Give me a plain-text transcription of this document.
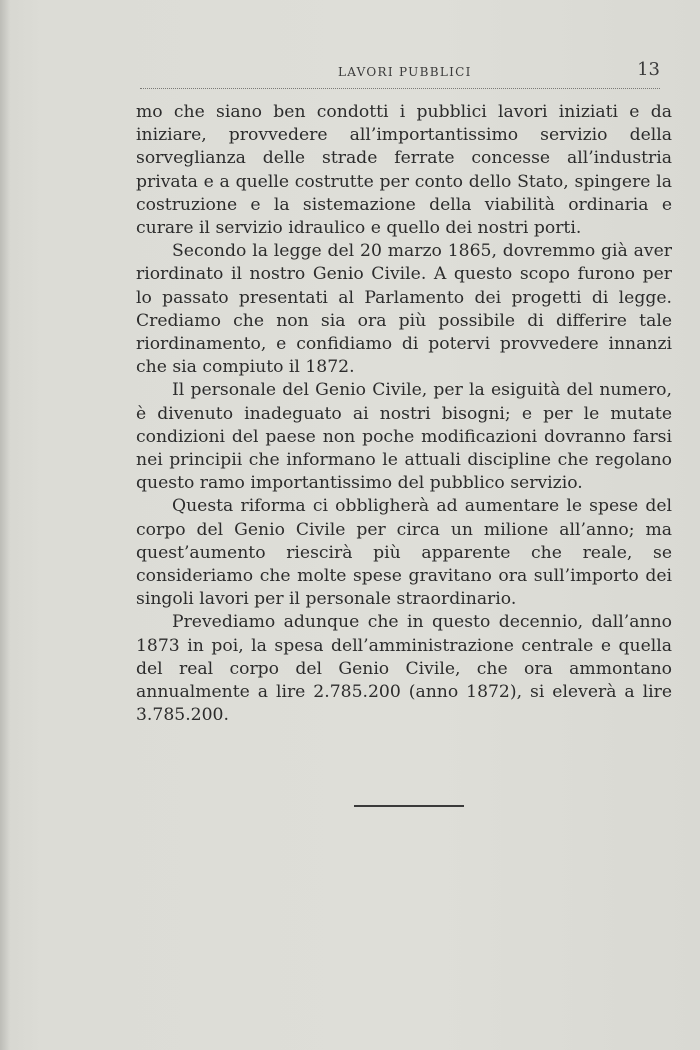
LAVORI PUBBLICI	13

mo che siano ben condotti i pubblici lavori iniziati e da iniziare, provvedere all’importantissimo servizio della sorveglianza delle strade ferrate concesse all’industria privata e a quelle costrutte per conto dello Stato, spingere la costruzione e la sistemazione della viabilità ordinaria e curare il servizio idraulico e quello dei nostri porti.

Secondo la legge del 20 marzo 1865, dovremmo già aver riordinato il nostro Genio Civile. A questo scopo furono per lo passato presentati al Parlamento dei progetti di legge. Crediamo che non sia ora più possibile di differire tale riordinamento, e confidiamo di potervi provvedere innanzi che sia compiuto il 1872.

Il personale del Genio Civile, per la esiguità del numero, è divenuto inadeguato ai nostri bisogni; e per le mutate condizioni del paese non poche modificazioni dovranno farsi nei principii che informano le attuali discipline che regolano questo ramo importantissimo del pubblico servizio.

Questa riforma ci obbligherà ad aumentare le spese del corpo del Genio Civile per circa un milione all’anno; ma quest’aumento riescirà più apparente che reale, se consideriamo che molte spese gravitano ora sull’importo dei singoli lavori per il personale straordinario.

Prevediamo adunque che in questo decennio, dall’anno 1873 in poi, la spesa dell’amministrazione centrale e quella del real corpo del Genio Civile, che ora ammontano annualmente a lire 2.785.200 (anno 1872), si eleverà a lire 3.785.200.
